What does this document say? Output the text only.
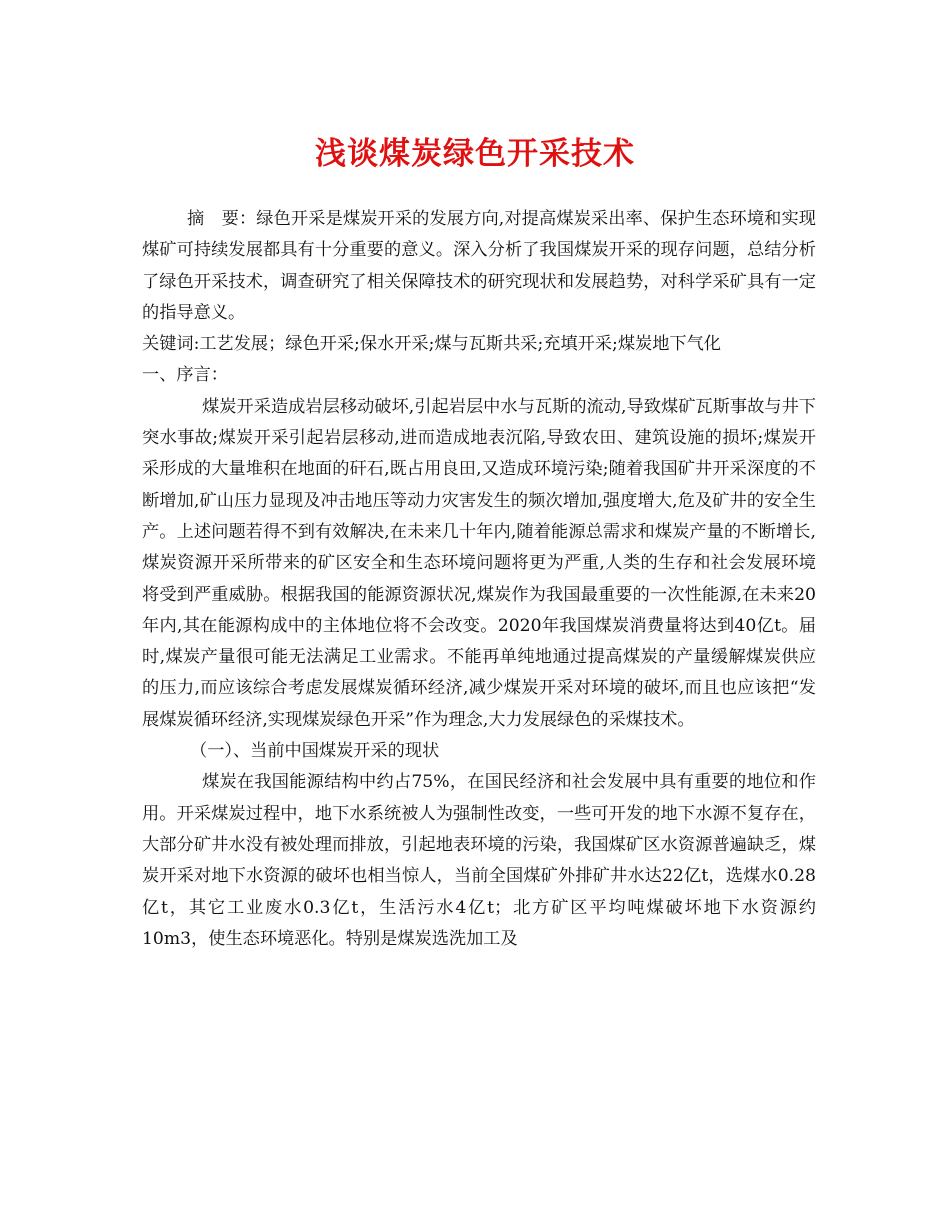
浅谈煤炭绿色开采技术

摘　要：绿色开采是煤炭开采的发展方向,对提高煤炭采出率、保护生态环境和实现煤矿可持续发展都具有十分重要的意义。深入分析了我国煤炭开采的现存问题，总结分析了绿色开采技术，调查研究了相关保障技术的研究现状和发展趋势，对科学采矿具有一定的指导意义。

关键词:工艺发展；绿色开采;保水开采;煤与瓦斯共采;充填开采;煤炭地下气化

一、序言：

煤炭开采造成岩层移动破坏,引起岩层中水与瓦斯的流动,导致煤矿瓦斯事故与井下突水事故;煤炭开采引起岩层移动,进而造成地表沉陷,导致农田、建筑设施的损坏;煤炭开采形成的大量堆积在地面的矸石,既占用良田,又造成环境污染;随着我国矿井开采深度的不断增加,矿山压力显现及冲击地压等动力灾害发生的频次增加,强度增大,危及矿井的安全生产。上述问题若得不到有效解决,在未来几十年内,随着能源总需求和煤炭产量的不断增长,煤炭资源开采所带来的矿区安全和生态环境问题将更为严重,人类的生存和社会发展环境将受到严重威胁。根据我国的能源资源状况,煤炭作为我国最重要的一次性能源,在未来20年内,其在能源构成中的主体地位将不会改变。2020年我国煤炭消费量将达到40亿t。届时,煤炭产量很可能无法满足工业需求。不能再单纯地通过提高煤炭的产量缓解煤炭供应的压力,而应该综合考虑发展煤炭循环经济,减少煤炭开采对环境的破坏,而且也应该把“发展煤炭循环经济,实现煤炭绿色开采”作为理念,大力发展绿色的采煤技术。

（一）、当前中国煤炭开采的现状

煤炭在我国能源结构中约占75%，在国民经济和社会发展中具有重要的地位和作用。开采煤炭过程中，地下水系统被人为强制性改变，一些可开发的地下水源不复存在，大部分矿井水没有被处理而排放，引起地表环境的污染，我国煤矿区水资源普遍缺乏，煤炭开采对地下水资源的破坏也相当惊人，当前全国煤矿外排矿井水达22亿t，选煤水0.28亿t，其它工业废水0.3亿t，生活污水4亿t；北方矿区平均吨煤破坏地下水资源约10m3，使生态环境恶化。特别是煤炭选洗加工及
